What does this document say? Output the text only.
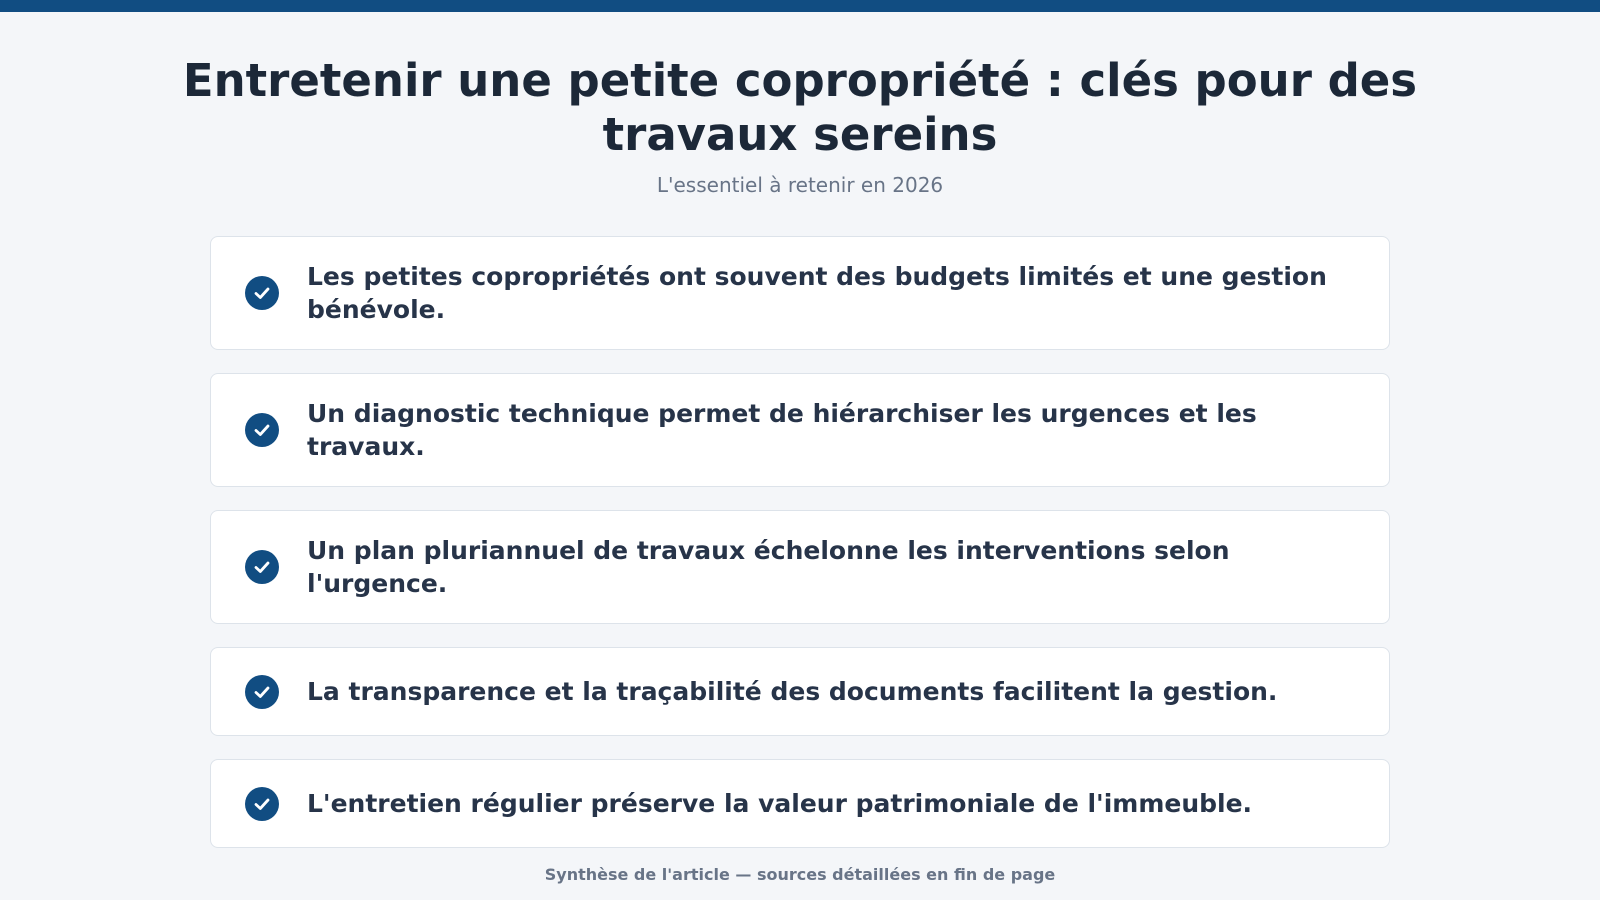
Entretenir une petite copropriété : clés pour des travaux sereins
L'essentiel à retenir en 2026
Les petites copropriétés ont souvent des budgets limités et une gestion bénévole.
Un diagnostic technique permet de hiérarchiser les urgences et les travaux.
Un plan pluriannuel de travaux échelonne les interventions selon l'urgence.
La transparence et la traçabilité des documents facilitent la gestion.
L'entretien régulier préserve la valeur patrimoniale de l'immeuble.
Synthèse de l'article — sources détaillées en fin de page
